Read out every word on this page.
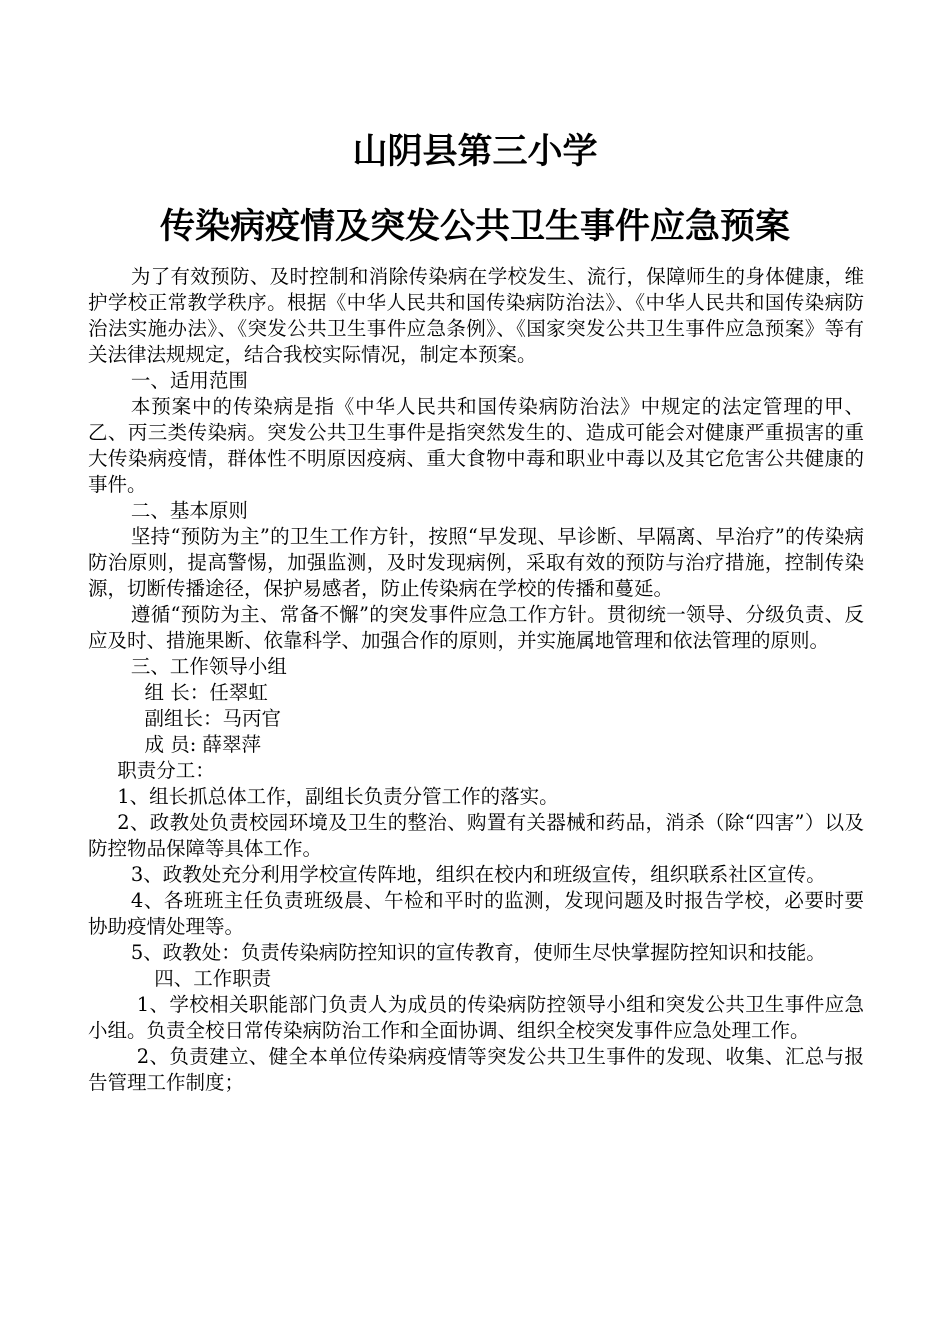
山阴县第三小学
传染病疫情及突发公共卫生事件应急预案

为了有效预防、及时控制和消除传染病在学校发生、流行，保障师生的身体健康，维护学校正常教学秩序。根据《中华人民共和国传染病防治法》、《中华人民共和国传染病防治法实施办法》、《突发公共卫生事件应急条例》、《国家突发公共卫生事件应急预案》等有关法律法规规定，结合我校实际情况，制定本预案。

一、适用范围

本预案中的传染病是指《中华人民共和国传染病防治法》中规定的法定管理的甲、乙、丙三类传染病。突发公共卫生事件是指突然发生的、造成可能会对健康严重损害的重大传染病疫情，群体性不明原因疫病、重大食物中毒和职业中毒以及其它危害公共健康的事件。

二、基本原则

坚持“预防为主”的卫生工作方针，按照“早发现、早诊断、早隔离、早治疗”的传染病防治原则，提高警惕，加强监测，及时发现病例，采取有效的预防与治疗措施，控制传染源，切断传播途径，保护易感者，防止传染病在学校的传播和蔓延。

遵循“预防为主、常备不懈”的突发事件应急工作方针。贯彻统一领导、分级负责、反应及时、措施果断、依靠科学、加强合作的原则，并实施属地管理和依法管理的原则。

三、工作领导小组

组 长：任翠虹

副组长：马丙官

成 员: 薛翠萍

职责分工：

1、组长抓总体工作，副组长负责分管工作的落实。

2、政教处负责校园环境及卫生的整治、购置有关器械和药品，消杀（除“四害”）以及防控物品保障等具体工作。

3、政教处充分利用学校宣传阵地，组织在校内和班级宣传，组织联系社区宣传。

4、各班班主任负责班级晨、午检和平时的监测，发现问题及时报告学校，必要时要协助疫情处理等。

5、政教处：负责传染病防控知识的宣传教育，使师生尽快掌握防控知识和技能。

四、工作职责

1、学校相关职能部门负责人为成员的传染病防控领导小组和突发公共卫生事件应急小组。负责全校日常传染病防治工作和全面协调、组织全校突发事件应急处理工作。

2、负责建立、健全本单位传染病疫情等突发公共卫生事件的发现、收集、汇总与报告管理工作制度；
